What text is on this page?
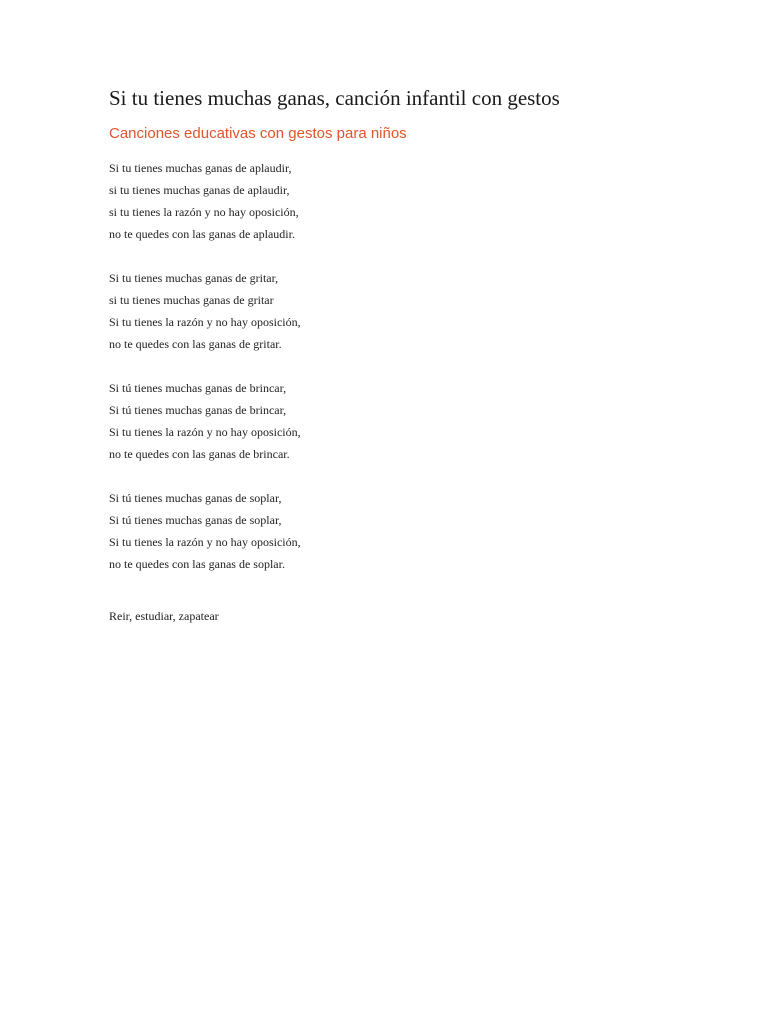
Si tu tienes muchas ganas, canción infantil con gestos
Canciones educativas con gestos para niños
Si tu tienes muchas ganas de aplaudir,
si tu tienes muchas ganas de aplaudir,
si tu tienes la razón y no hay oposición,
no te quedes con las ganas de aplaudir.
Si tu tienes muchas ganas de gritar,
si tu tienes muchas ganas de gritar
Si tu tienes la razón y no hay oposición,
no te quedes con las ganas de gritar.
Si tú tienes muchas ganas de brincar,
Si tú tienes muchas ganas de brincar,
Si tu tienes la razón y no hay oposición,
no te quedes con las ganas de brincar.
Si tú tienes muchas ganas de soplar,
Si tú tienes muchas ganas de soplar,
Si tu tienes la razón y no hay oposición,
no te quedes con las ganas de soplar.
Reir, estudiar, zapatear
